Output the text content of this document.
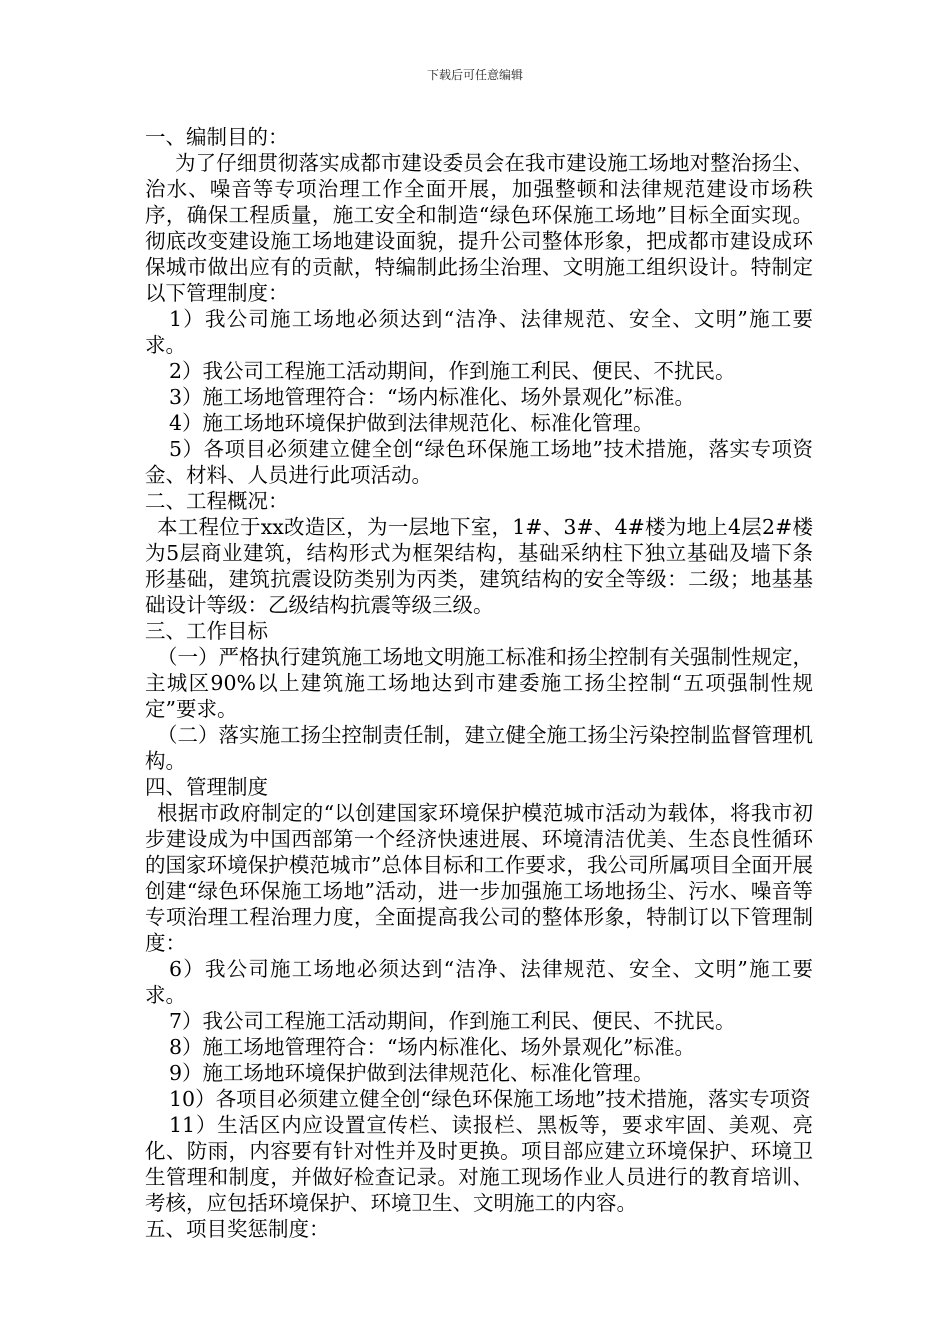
下载后可任意编辑

一、编制目的：

为了仔细贯彻落实成都市建设委员会在我市建设施工场地对整治扬尘、治水、噪音等专项治理工作全面开展，加强整顿和法律规范建设市场秩序，确保工程质量，施工安全和制造“绿色环保施工场地”目标全面实现。彻底改变建设施工场地建设面貌，提升公司整体形象，把成都市建设成环保城市做出应有的贡献，特编制此扬尘治理、文明施工组织设计。特制定以下管理制度：

1）我公司施工场地必须达到“洁净、法律规范、安全、文明”施工要求。

2）我公司工程施工活动期间，作到施工利民、便民、不扰民。

3）施工场地管理符合：“场内标准化、场外景观化”标准。

4）施工场地环境保护做到法律规范化、标准化管理。

5）各项目必须建立健全创“绿色环保施工场地”技术措施，落实专项资金、材料、人员进行此项活动。

二、工程概况：

本工程位于xx改造区，为一层地下室，1#、3#、4#楼为地上4层2#楼为5层商业建筑，结构形式为框架结构，基础采纳柱下独立基础及墙下条形基础，建筑抗震设防类别为丙类，建筑结构的安全等级：二级；地基基础设计等级：乙级结构抗震等级三级。

三、工作目标

（一）严格执行建筑施工场地文明施工标准和扬尘控制有关强制性规定，主城区90%以上建筑施工场地达到市建委施工扬尘控制“五项强制性规定”要求。

（二）落实施工扬尘控制责任制，建立健全施工扬尘污染控制监督管理机构。

四、管理制度

根据市政府制定的“以创建国家环境保护模范城市活动为载体，将我市初步建设成为中国西部第一个经济快速进展、环境清洁优美、生态良性循环的国家环境保护模范城市”总体目标和工作要求，我公司所属项目全面开展创建“绿色环保施工场地”活动，进一步加强施工场地扬尘、污水、噪音等专项治理工程治理力度，全面提高我公司的整体形象，特制订以下管理制度：

6）我公司施工场地必须达到“洁净、法律规范、安全、文明”施工要求。

7）我公司工程施工活动期间，作到施工利民、便民、不扰民。

8）施工场地管理符合：“场内标准化、场外景观化”标准。

9）施工场地环境保护做到法律规范化、标准化管理。

10）各项目必须建立健全创“绿色环保施工场地”技术措施，落实专项资

11）生活区内应设置宣传栏、读报栏、黑板等，要求牢固、美观、亮化、防雨，内容要有针对性并及时更换。项目部应建立环境保护、环境卫生管理和制度，并做好检查记录。对施工现场作业人员进行的教育培训、考核，应包括环境保护、环境卫生、文明施工的内容。

五、项目奖惩制度：
